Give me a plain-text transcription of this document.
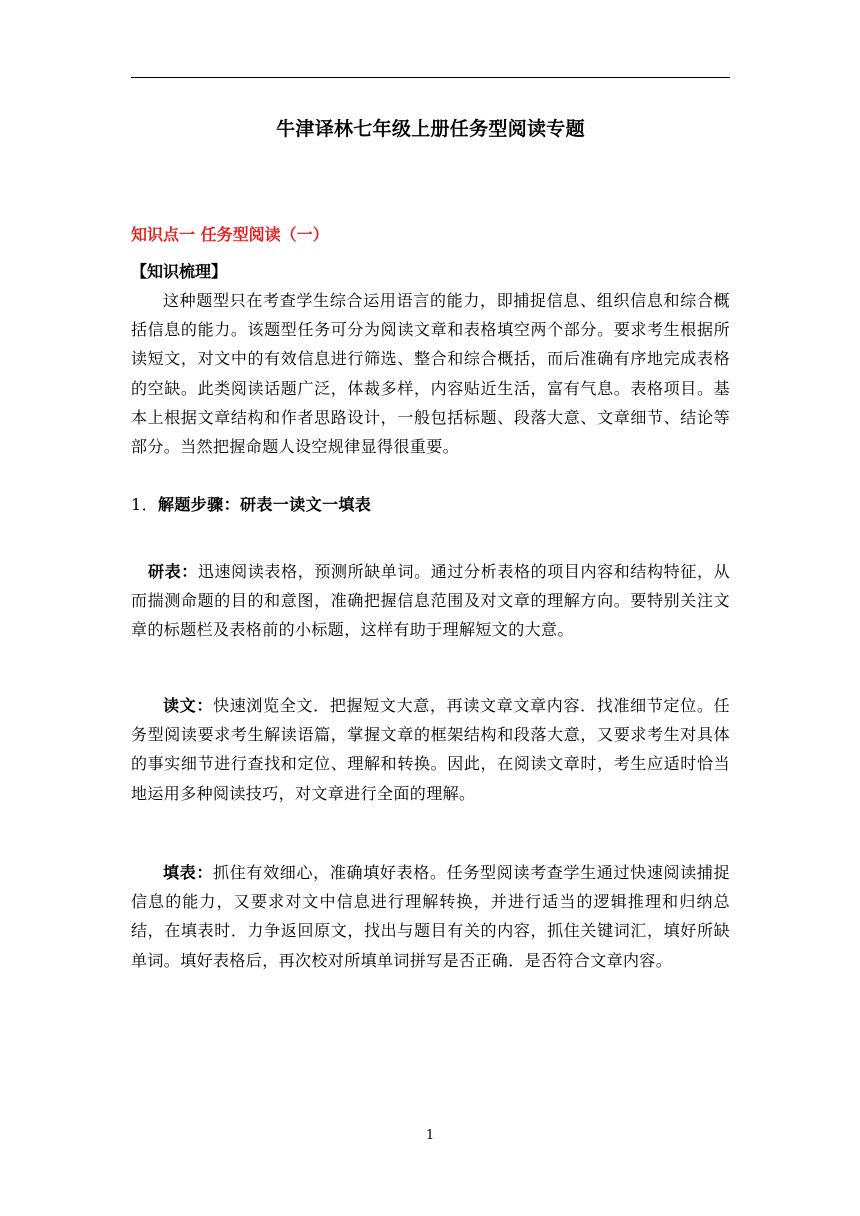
牛津译林七年级上册任务型阅读专题
知识点一 任务型阅读（一）
【知识梳理】

这种题型只在考查学生综合运用语言的能力，即捕捉信息、组织信息和综合概括信息的能力。该题型任务可分为阅读文章和表格填空两个部分。要求考生根据所读短文，对文中的有效信息进行筛选、整合和综合概括，而后准确有序地完成表格的空缺。此类阅读话题广泛，体裁多样，内容贴近生活，富有气息。表格项目。基本上根据文章结构和作者思路设计，一般包括标题、段落大意、文章细节、结论等部分。当然把握命题人设空规律显得很重要。

1．解题步骤：研表一读文一填表

研表：迅速阅读表格，预测所缺单词。通过分析表格的项目内容和结构特征，从而揣测命题的目的和意图，准确把握信息范围及对文章的理解方向。要特别关注文章的标题栏及表格前的小标题，这样有助于理解短文的大意。

读文：快速浏览全文．把握短文大意，再读文章文章内容．找准细节定位。任务型阅读要求考生解读语篇，掌握文章的框架结构和段落大意，又要求考生对具体的事实细节进行查找和定位、理解和转换。因此，在阅读文章时，考生应适时恰当地运用多种阅读技巧，对文章进行全面的理解。

填表：抓住有效细心，准确填好表格。任务型阅读考查学生通过快速阅读捕捉信息的能力，又要求对文中信息进行理解转换，并进行适当的逻辑推理和归纳总结，在填表时．力争返回原文，找出与题目有关的内容，抓住关键词汇，填好所缺单词。填好表格后，再次校对所填单词拼写是否正确．是否符合文章内容。

1
